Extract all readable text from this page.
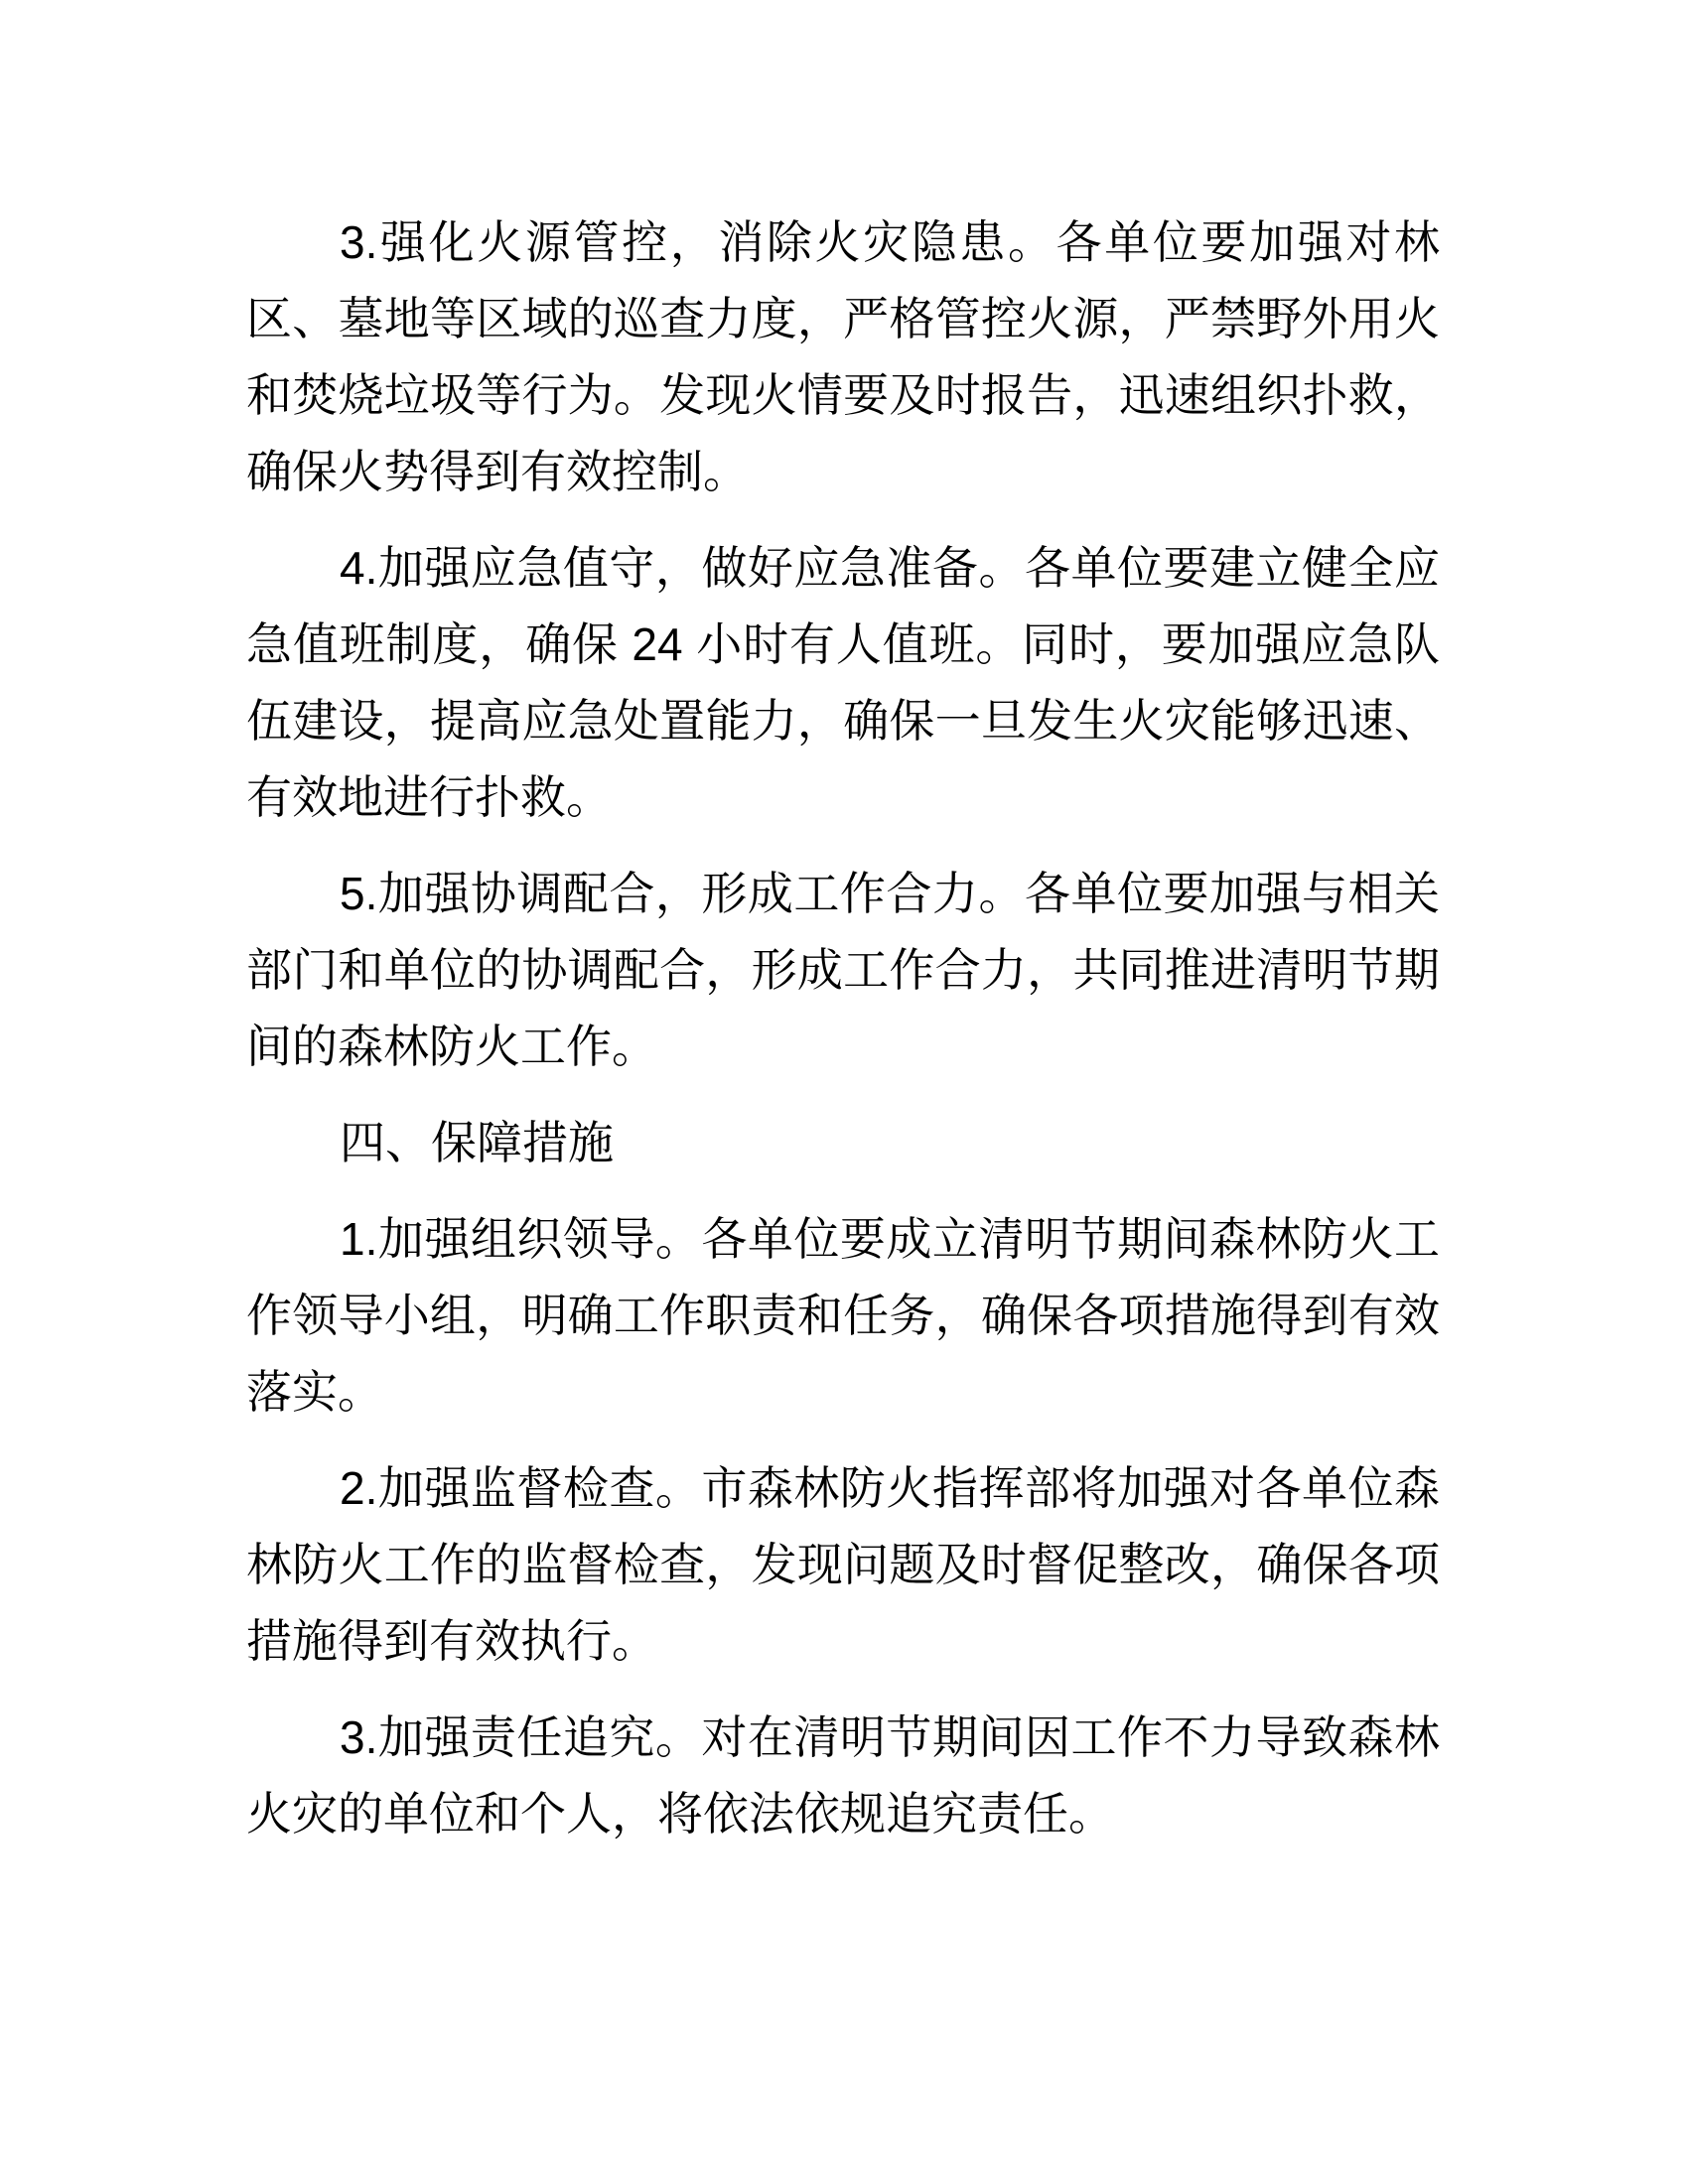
3.强化火源管控，消除火灾隐患。各单位要加强对林区、墓地等区域的巡查力度，严格管控火源，严禁野外用火和焚烧垃圾等行为。发现火情要及时报告，迅速组织扑救，确保火势得到有效控制。

4.加强应急值守，做好应急准备。各单位要建立健全应急值班制度，确保 24 小时有人值班。同时，要加强应急队伍建设，提高应急处置能力，确保一旦发生火灾能够迅速、有效地进行扑救。

5.加强协调配合，形成工作合力。各单位要加强与相关部门和单位的协调配合，形成工作合力，共同推进清明节期间的森林防火工作。

四、保障措施

1.加强组织领导。各单位要成立清明节期间森林防火工作领导小组，明确工作职责和任务，确保各项措施得到有效落实。

2.加强监督检查。市森林防火指挥部将加强对各单位森林防火工作的监督检查，发现问题及时督促整改，确保各项措施得到有效执行。

3.加强责任追究。对在清明节期间因工作不力导致森林火灾的单位和个人，将依法依规追究责任。
